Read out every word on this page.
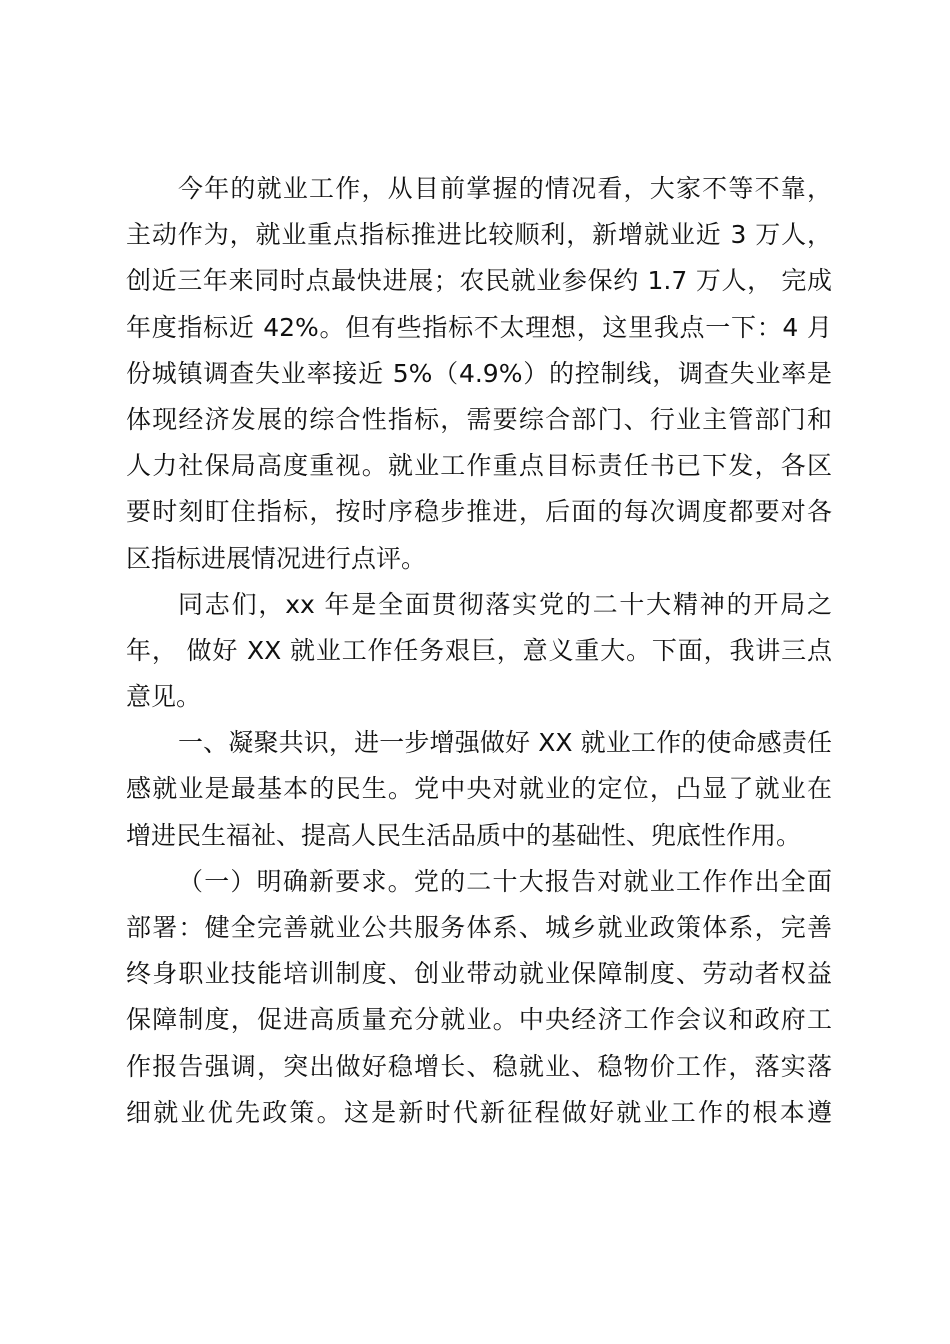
今年的就业工作，从目前掌握的情况看，大家不等不靠，
主动作为，就业重点指标推进比较顺利，新增就业近 3 万人，
创近三年来同时点最快进展；农民就业参保约 1.7 万人， 完成
年度指标近 42%。但有些指标不太理想，这里我点一下：4 月
份城镇调查失业率接近 5%（4.9%）的控制线，调查失业率是
体现经济发展的综合性指标，需要综合部门、行业主管部门和
人力社保局高度重视。就业工作重点目标责任书已下发，各区
要时刻盯住指标，按时序稳步推进，后面的每次调度都要对各
区指标进展情况进行点评。
同志们，xx 年是全面贯彻落实党的二十大精神的开局之
年， 做好 XX 就业工作任务艰巨，意义重大。下面，我讲三点
意见。
一、凝聚共识，进一步增强做好 XX 就业工作的使命感责任
感就业是最基本的民生。党中央对就业的定位，凸显了就业在
增进民生福祉、提高人民生活品质中的基础性、兜底性作用。
（一）明确新要求。党的二十大报告对就业工作作出全面
部署：健全完善就业公共服务体系、城乡就业政策体系，完善
终身职业技能培训制度、创业带动就业保障制度、劳动者权益
保障制度，促进高质量充分就业。中央经济工作会议和政府工
作报告强调，突出做好稳增长、稳就业、稳物价工作，落实落
细就业优先政策。这是新时代新征程做好就业工作的根本遵
